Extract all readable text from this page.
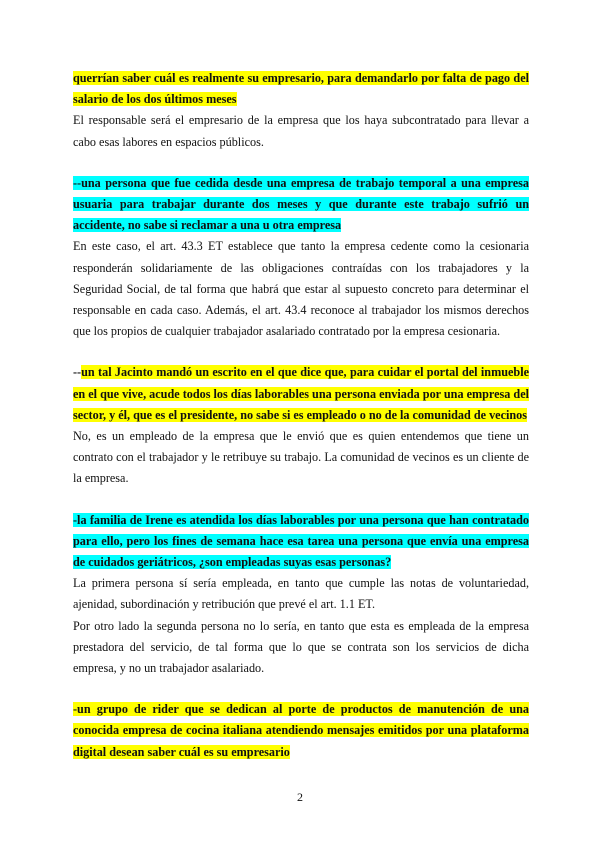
querrían saber cuál es realmente su empresario, para demandarlo por falta de pago del salario de los dos últimos meses

El responsable será el empresario de la empresa que los haya subcontratado para llevar a cabo esas labores en espacios públicos.

--una persona que fue cedida desde una empresa de trabajo temporal a una empresa usuaria para trabajar durante dos meses y que durante este trabajo sufrió un accidente, no sabe si reclamar a una u otra empresa

En este caso, el art. 43.3 ET establece que tanto la empresa cedente como la cesionaria responderán solidariamente de las obligaciones contraídas con los trabajadores y la Seguridad Social, de tal forma que habrá que estar al supuesto concreto para determinar el responsable en cada caso. Además, el art. 43.4 reconoce al trabajador los mismos derechos que los propios de cualquier trabajador asalariado contratado por la empresa cesionaria.

--un tal Jacinto mandó un escrito en el que dice que, para cuidar el portal del inmueble en el que vive, acude todos los días laborables una persona enviada por una empresa del sector, y él, que es el presidente, no sabe si es empleado o no de la comunidad de vecinos

No, es un empleado de la empresa que le envió que es quien entendemos que tiene un contrato con el trabajador y le retribuye su trabajo. La comunidad de vecinos es un cliente de la empresa.

-la familia de Irene es atendida los días laborables por una persona que han contratado para ello, pero los fines de semana hace esa tarea una persona que envía una empresa de cuidados geriátricos, ¿son empleadas suyas esas personas?

La primera persona sí sería empleada, en tanto que cumple las notas de voluntariedad, ajenidad, subordinación y retribución que prevé el art. 1.1 ET.

Por otro lado la segunda persona no lo sería, en tanto que esta es empleada de la empresa prestadora del servicio, de tal forma que lo que se contrata son los servicios de dicha empresa, y no un trabajador asalariado.

-un grupo de rider que se dedican al porte de productos de manutención de una conocida empresa de cocina italiana atendiendo mensajes emitidos por una plataforma digital desean saber cuál es su empresario

2
